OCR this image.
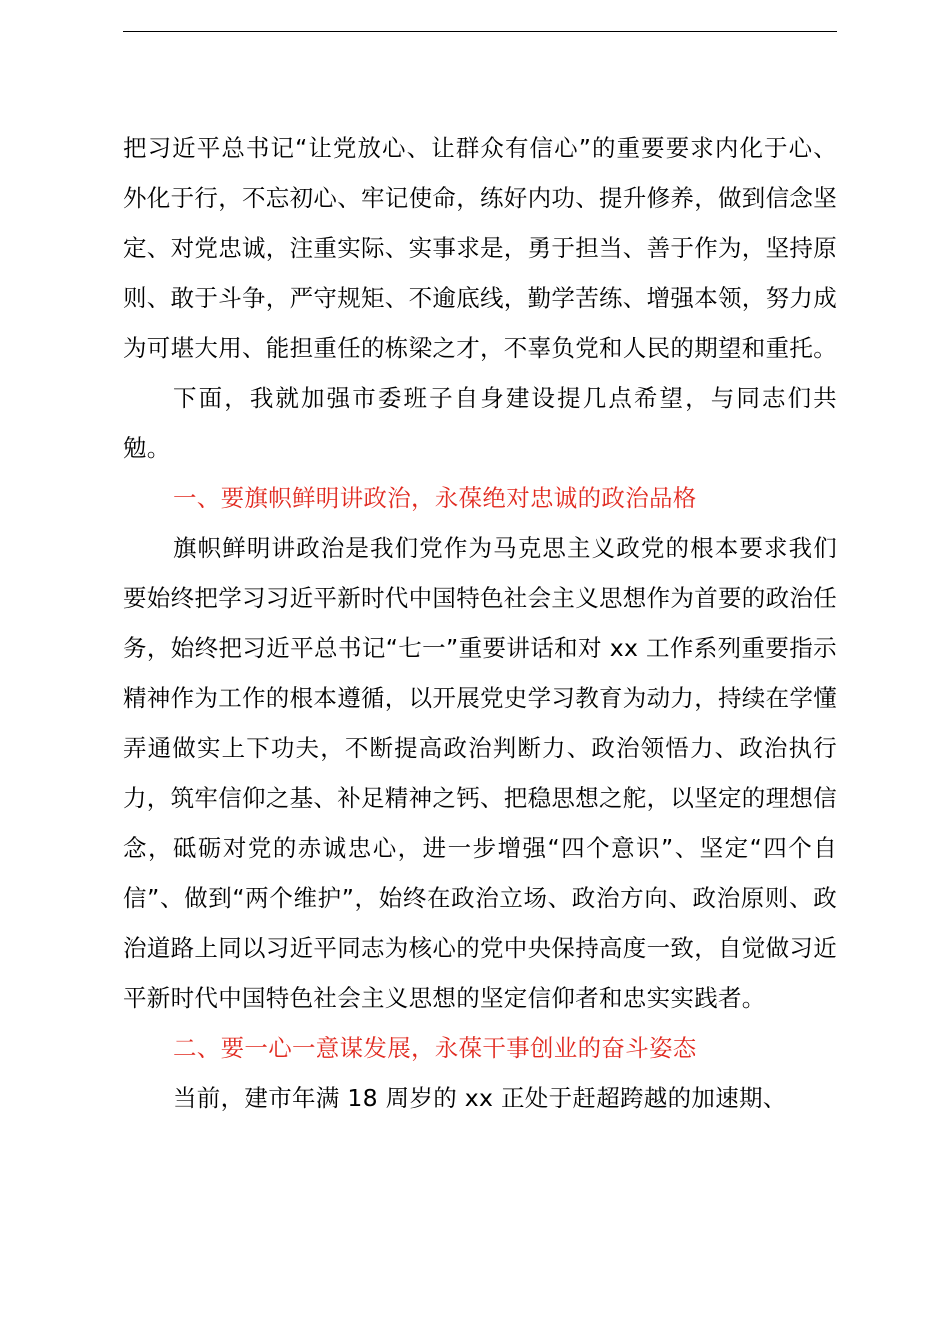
把习近平总书记“让党放心、让群众有信心”的重要要求内化于心、外化于行，不忘初心、牢记使命，练好内功、提升修养，做到信念坚定、对党忠诚，注重实际、实事求是，勇于担当、善于作为，坚持原则、敢于斗争，严守规矩、不逾底线，勤学苦练、增强本领，努力成为可堪大用、能担重任的栋梁之才，不辜负党和人民的期望和重托。

下面，我就加强市委班子自身建设提几点希望，与同志们共勉。

一、要旗帜鲜明讲政治，永葆绝对忠诚的政治品格

旗帜鲜明讲政治是我们党作为马克思主义政党的根本要求我们要始终把学习习近平新时代中国特色社会主义思想作为首要的政治任务，始终把习近平总书记“七一”重要讲话和对 xx 工作系列重要指示精神作为工作的根本遵循，以开展党史学习教育为动力，持续在学懂弄通做实上下功夫，不断提高政治判断力、政治领悟力、政治执行力，筑牢信仰之基、补足精神之钙、把稳思想之舵，以坚定的理想信念，砥砺对党的赤诚忠心，进一步增强“四个意识”、坚定“四个自信”、做到“两个维护”，始终在政治立场、政治方向、政治原则、政治道路上同以习近平同志为核心的党中央保持高度一致，自觉做习近平新时代中国特色社会主义思想的坚定信仰者和忠实实践者。

二、要一心一意谋发展，永葆干事创业的奋斗姿态

当前，建市年满 18 周岁的 xx 正处于赶超跨越的加速期、
